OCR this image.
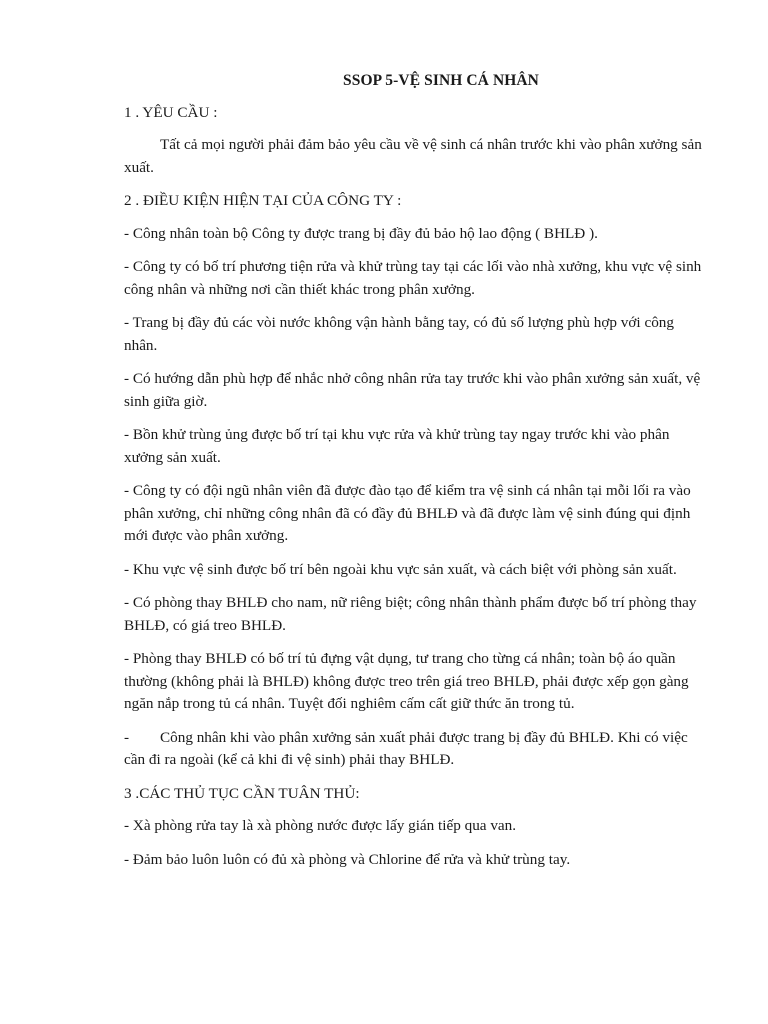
SSOP 5-VỆ SINH CÁ NHÂN
1 . YÊU CẦU :
Tất cả mọi người phải đảm bảo yêu cầu về vệ sinh cá nhân trước khi vào phân xưởng sản xuất.
2 . ĐIỀU KIỆN HIỆN TẠI CỦA CÔNG TY :
- Công nhân toàn bộ Công ty được trang bị đầy đủ bảo hộ lao động ( BHLĐ ).
- Công ty có bố trí phương tiện rửa và khử trùng tay tại các lối vào nhà xưởng, khu vực vệ sinh công nhân và những nơi cần thiết khác trong phân xưởng.
- Trang bị đầy đủ các vòi nước không vận hành bằng tay, có đủ số lượng phù hợp với công nhân.
- Có hướng dẫn phù hợp để nhắc nhở công nhân rửa tay trước khi vào phân xưởng sản xuất, vệ sinh giữa giờ.
- Bồn khử trùng ủng được bố trí tại khu vực rửa và khử trùng tay ngay trước khi vào phân xưởng sản xuất.
- Công ty có đội ngũ nhân viên đã được đào tạo để kiểm tra vệ sinh cá nhân tại mỗi lối ra vào phân xưởng, chỉ những công nhân đã có đầy đủ BHLĐ và đã được làm vệ sinh đúng qui định mới được vào phân xưởng.
- Khu vực vệ sinh được bố trí bên ngoài khu vực sản xuất, và cách biệt với phòng sản xuất.
- Có phòng thay BHLĐ cho nam, nữ riêng biệt; công nhân thành phẩm được bố trí phòng thay BHLĐ, có giá treo BHLĐ.
- Phòng thay BHLĐ có bố trí tủ đựng vật dụng, tư trang cho từng cá nhân; toàn bộ áo quần thường (không phải là BHLĐ) không được treo trên giá treo BHLĐ, phải được xếp gọn gàng ngăn nắp trong tủ cá nhân. Tuyệt đối nghiêm cấm cất giữ thức ăn trong tủ.
- Công nhân khi vào phân xưởng sản xuất phải được trang bị đầy đủ BHLĐ. Khi có việc cần đi ra ngoài (kể cả khi đi vệ sinh) phải thay BHLĐ.
3 .CÁC THỦ TỤC CẦN TUÂN THỦ:
- Xà phòng rửa tay là xà phòng nước được lấy gián tiếp qua van.
- Đảm bảo luôn luôn có đủ xà phòng và Chlorine để rửa và khử trùng tay.
